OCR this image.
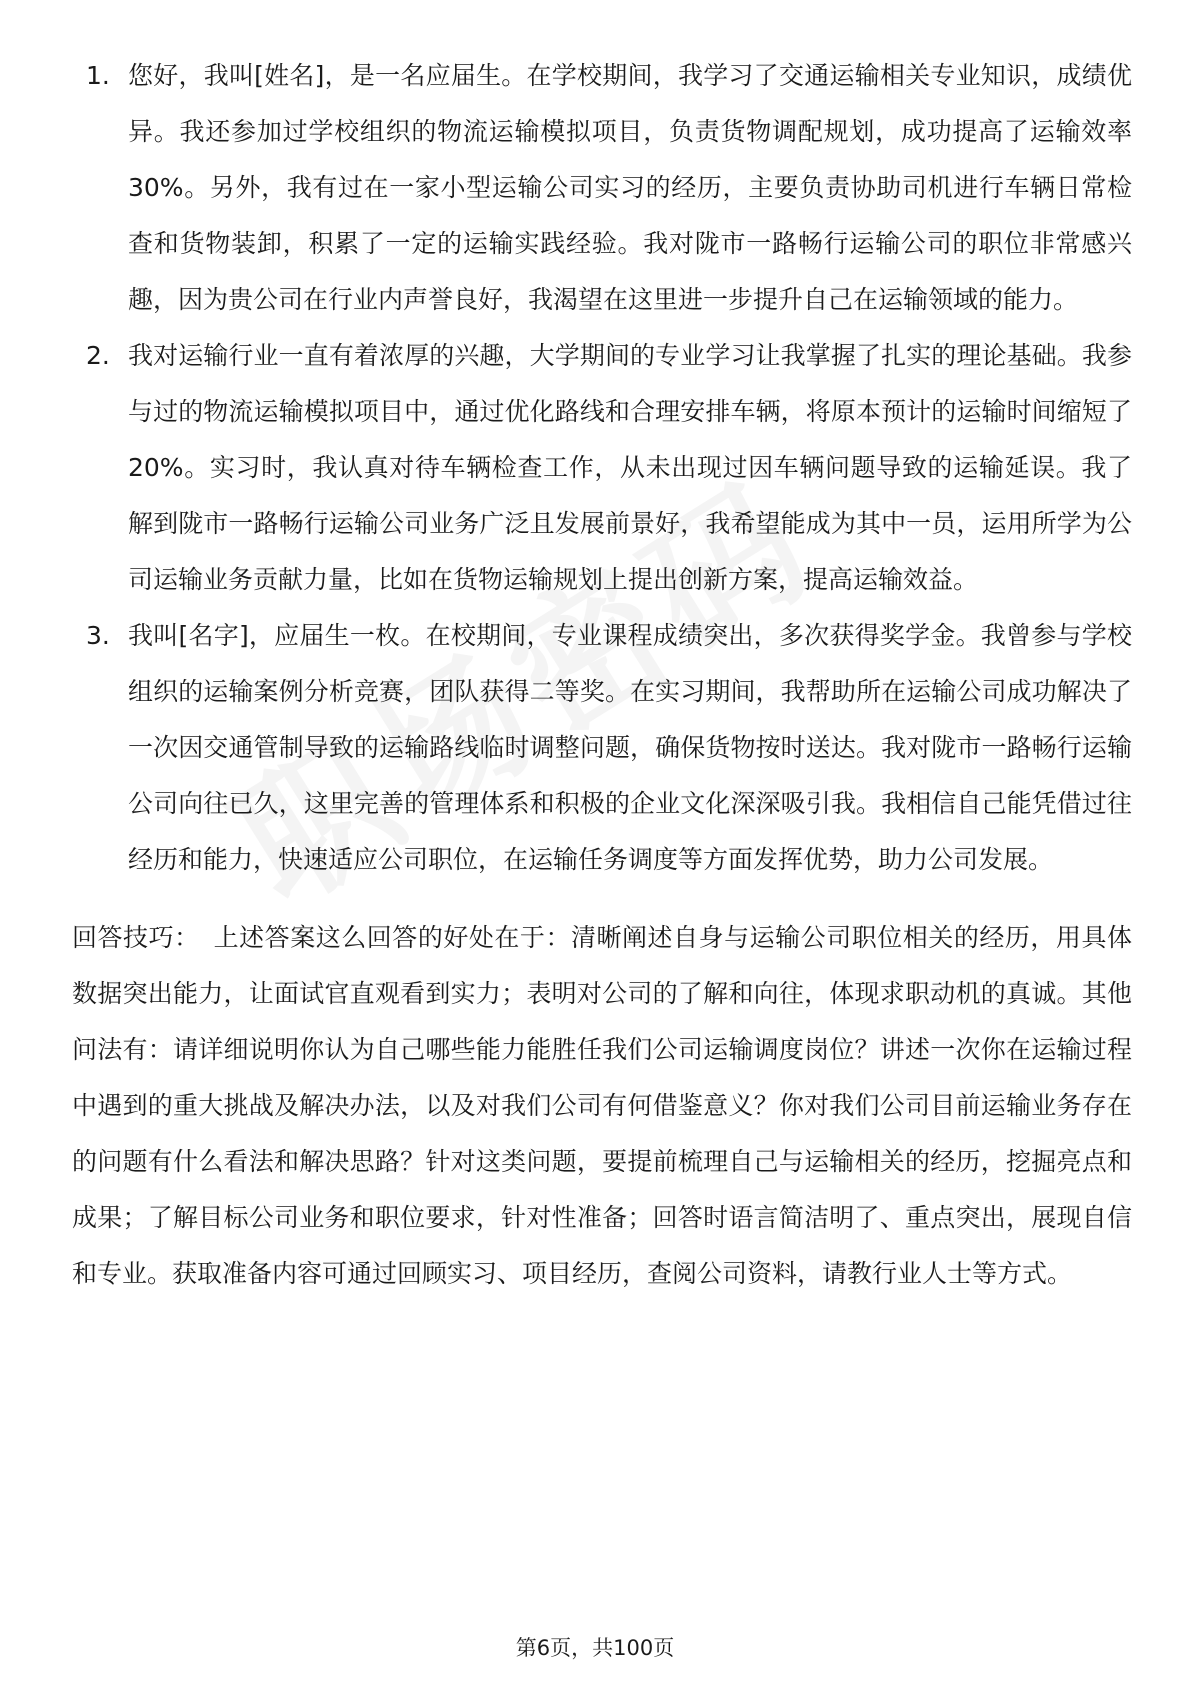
1. 您好，我叫[姓名]，是一名应届生。在学校期间，我学习了交通运输相关专业知识，成绩优异。我还参加过学校组织的物流运输模拟项目，负责货物调配规划，成功提高了运输效率 30%。另外，我有过在一家小型运输公司实习的经历，主要负责协助司机进行车辆日常检查和货物装卸，积累了一定的运输实践经验。我对陇市一路畅行运输公司的职位非常感兴趣，因为贵公司在行业内声誉良好，我渴望在这里进一步提升自己在运输领域的能力。
2. 我对运输行业一直有着浓厚的兴趣，大学期间的专业学习让我掌握了扎实的理论基础。我参与过的物流运输模拟项目中，通过优化路线和合理安排车辆，将原本预计的运输时间缩短了 20%。实习时，我认真对待车辆检查工作，从未出现过因车辆问题导致的运输延误。我了解到陇市一路畅行运输公司业务广泛且发展前景好，我希望能成为其中一员，运用所学为公司运输业务贡献力量，比如在货物运输规划上提出创新方案，提高运输效益。
3. 我叫[名字]，应届生一枚。在校期间，专业课程成绩突出，多次获得奖学金。我曾参与学校组织的运输案例分析竞赛，团队获得二等奖。在实习期间，我帮助所在运输公司成功解决了一次因交通管制导致的运输路线临时调整问题，确保货物按时送达。我对陇市一路畅行运输公司向往已久，这里完善的管理体系和积极的企业文化深深吸引我。我相信自己能凭借过往经历和能力，快速适应公司职位，在运输任务调度等方面发挥优势，助力公司发展。

回答技巧： 上述答案这么回答的好处在于：清晰阐述自身与运输公司职位相关的经历，用具体数据突出能力，让面试官直观看到实力；表明对公司的了解和向往，体现求职动机的真诚。其他问法有：请详细说明你认为自己哪些能力能胜任我们公司运输调度岗位？讲述一次你在运输过程中遇到的重大挑战及解决办法，以及对我们公司有何借鉴意义？你对我们公司目前运输业务存在的问题有什么看法和解决思路？针对这类问题，要提前梳理自己与运输相关的经历，挖掘亮点和成果；了解目标公司业务和职位要求，针对性准备；回答时语言简洁明了、重点突出，展现自信和专业。获取准备内容可通过回顾实习、项目经历，查阅公司资料，请教行业人士等方式。

第6页，共100页
